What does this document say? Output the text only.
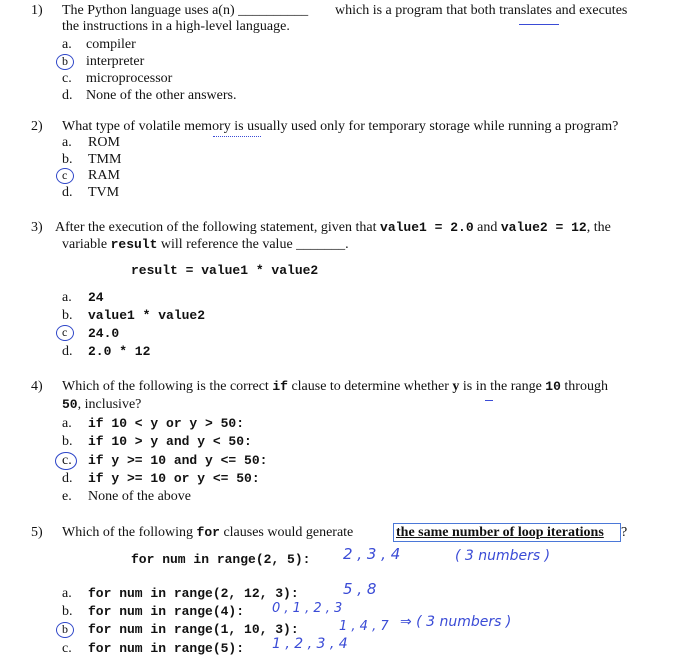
1) The Python language uses a(n) __________ which is a program that both translates and executes
the instructions in a high-level language.
a. compiler
b interpreter
c. microprocessor
d. None of the other answers.
2) What type of volatile memory is usually used only for temporary storage while running a program?
a. ROM
b. TMM
c RAM
d. TVM
3) After the execution of the following statement, given that value1 = 2.0 and value2 = 12, the
variable result will reference the value _______.
result = value1 * value2
a. 24
b. value1 * value2
c 24.0
d. 2.0 * 12
4) Which of the following is the correct if clause to determine whether y is in the range 10 through
50, inclusive?
a. if 10 < y or y > 50:
b. if 10 > y and y < 50:
c. if y >= 10 and y <= 50:
d. if y >= 10 or y <= 50:
e. None of the above
5) Which of the following for clauses would generate	the same number of loop iterations ?
for num in range(2, 5): 2 , 3 , 4	( 3 numbers )
a. for num in range(2, 12, 3):	5 , 8
b. for num in range(4): 0 , 1 , 2 , 3
b for num in range(1, 10, 3):	1 , 4 , 7 ⇒ ( 3 numbers )
c. for num in range(5): 1 , 2 , 3 , 4
